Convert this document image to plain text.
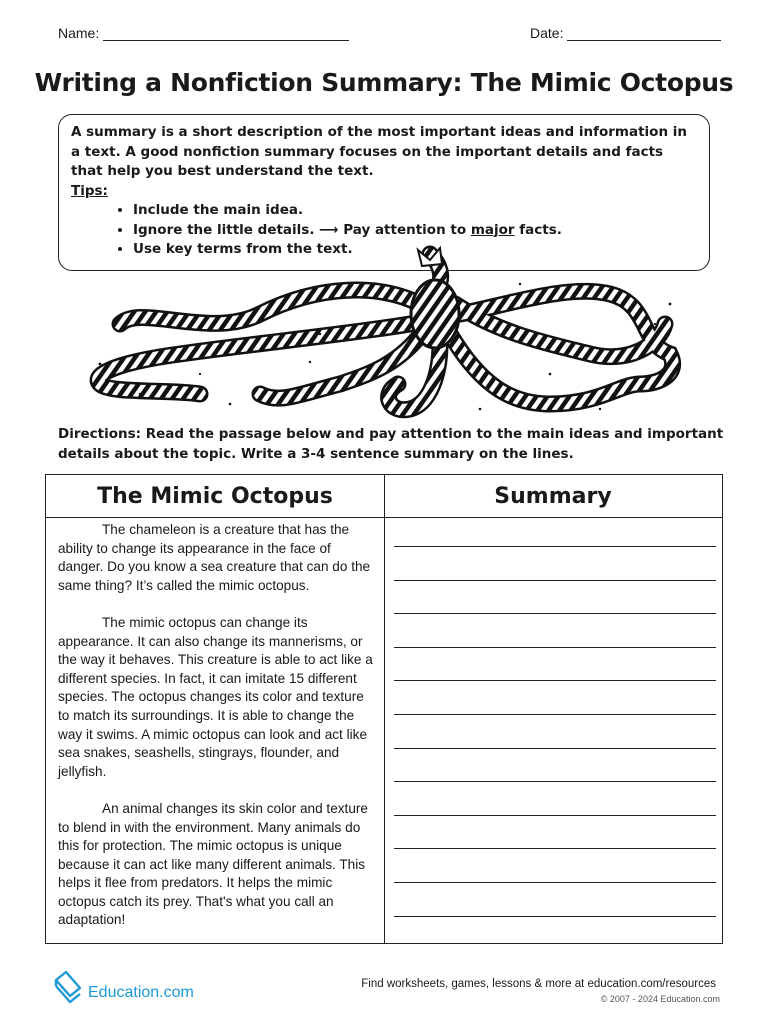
Name:	Date:
Writing a Nonfiction Summary: The Mimic Octopus

A summary is a short description of the most important ideas and information in a text. A good nonfiction summary focuses on the important details and facts that help you best understand the text.

Tips:
• Include the main idea.
• Ignore the little details. ⟶ Pay attention to major facts.
• Use key terms from the text.
Directions: Read the passage below and pay attention to the main ideas and important details about the topic. Write a 3-4 sentence summary on the lines.
The Mimic Octopus	Summary

The chameleon is a creature that has the ability to change its appearance in the face of danger. Do you know a sea creature that can do the same thing? It’s called the mimic octopus.

The mimic octopus can change its appearance. It can also change its mannerisms, or the way it behaves. This creature is able to act like a different species. In fact, it can imitate 15 different species. The octopus changes its color and texture to match its surroundings. It is able to change the way it swims. A mimic octopus can look and act like sea snakes, seashells, stingrays, flounder, and jellyfish.

An animal changes its skin color and texture to blend in with the environment. Many animals do this for protection. The mimic octopus is unique because it can act like many different animals. This helps it flee from predators. It helps the mimic octopus catch its prey. That's what you call an adaptation!

Education.com	Find worksheets, games, lessons & more at education.com/resources
© 2007 - 2024 Education.com
